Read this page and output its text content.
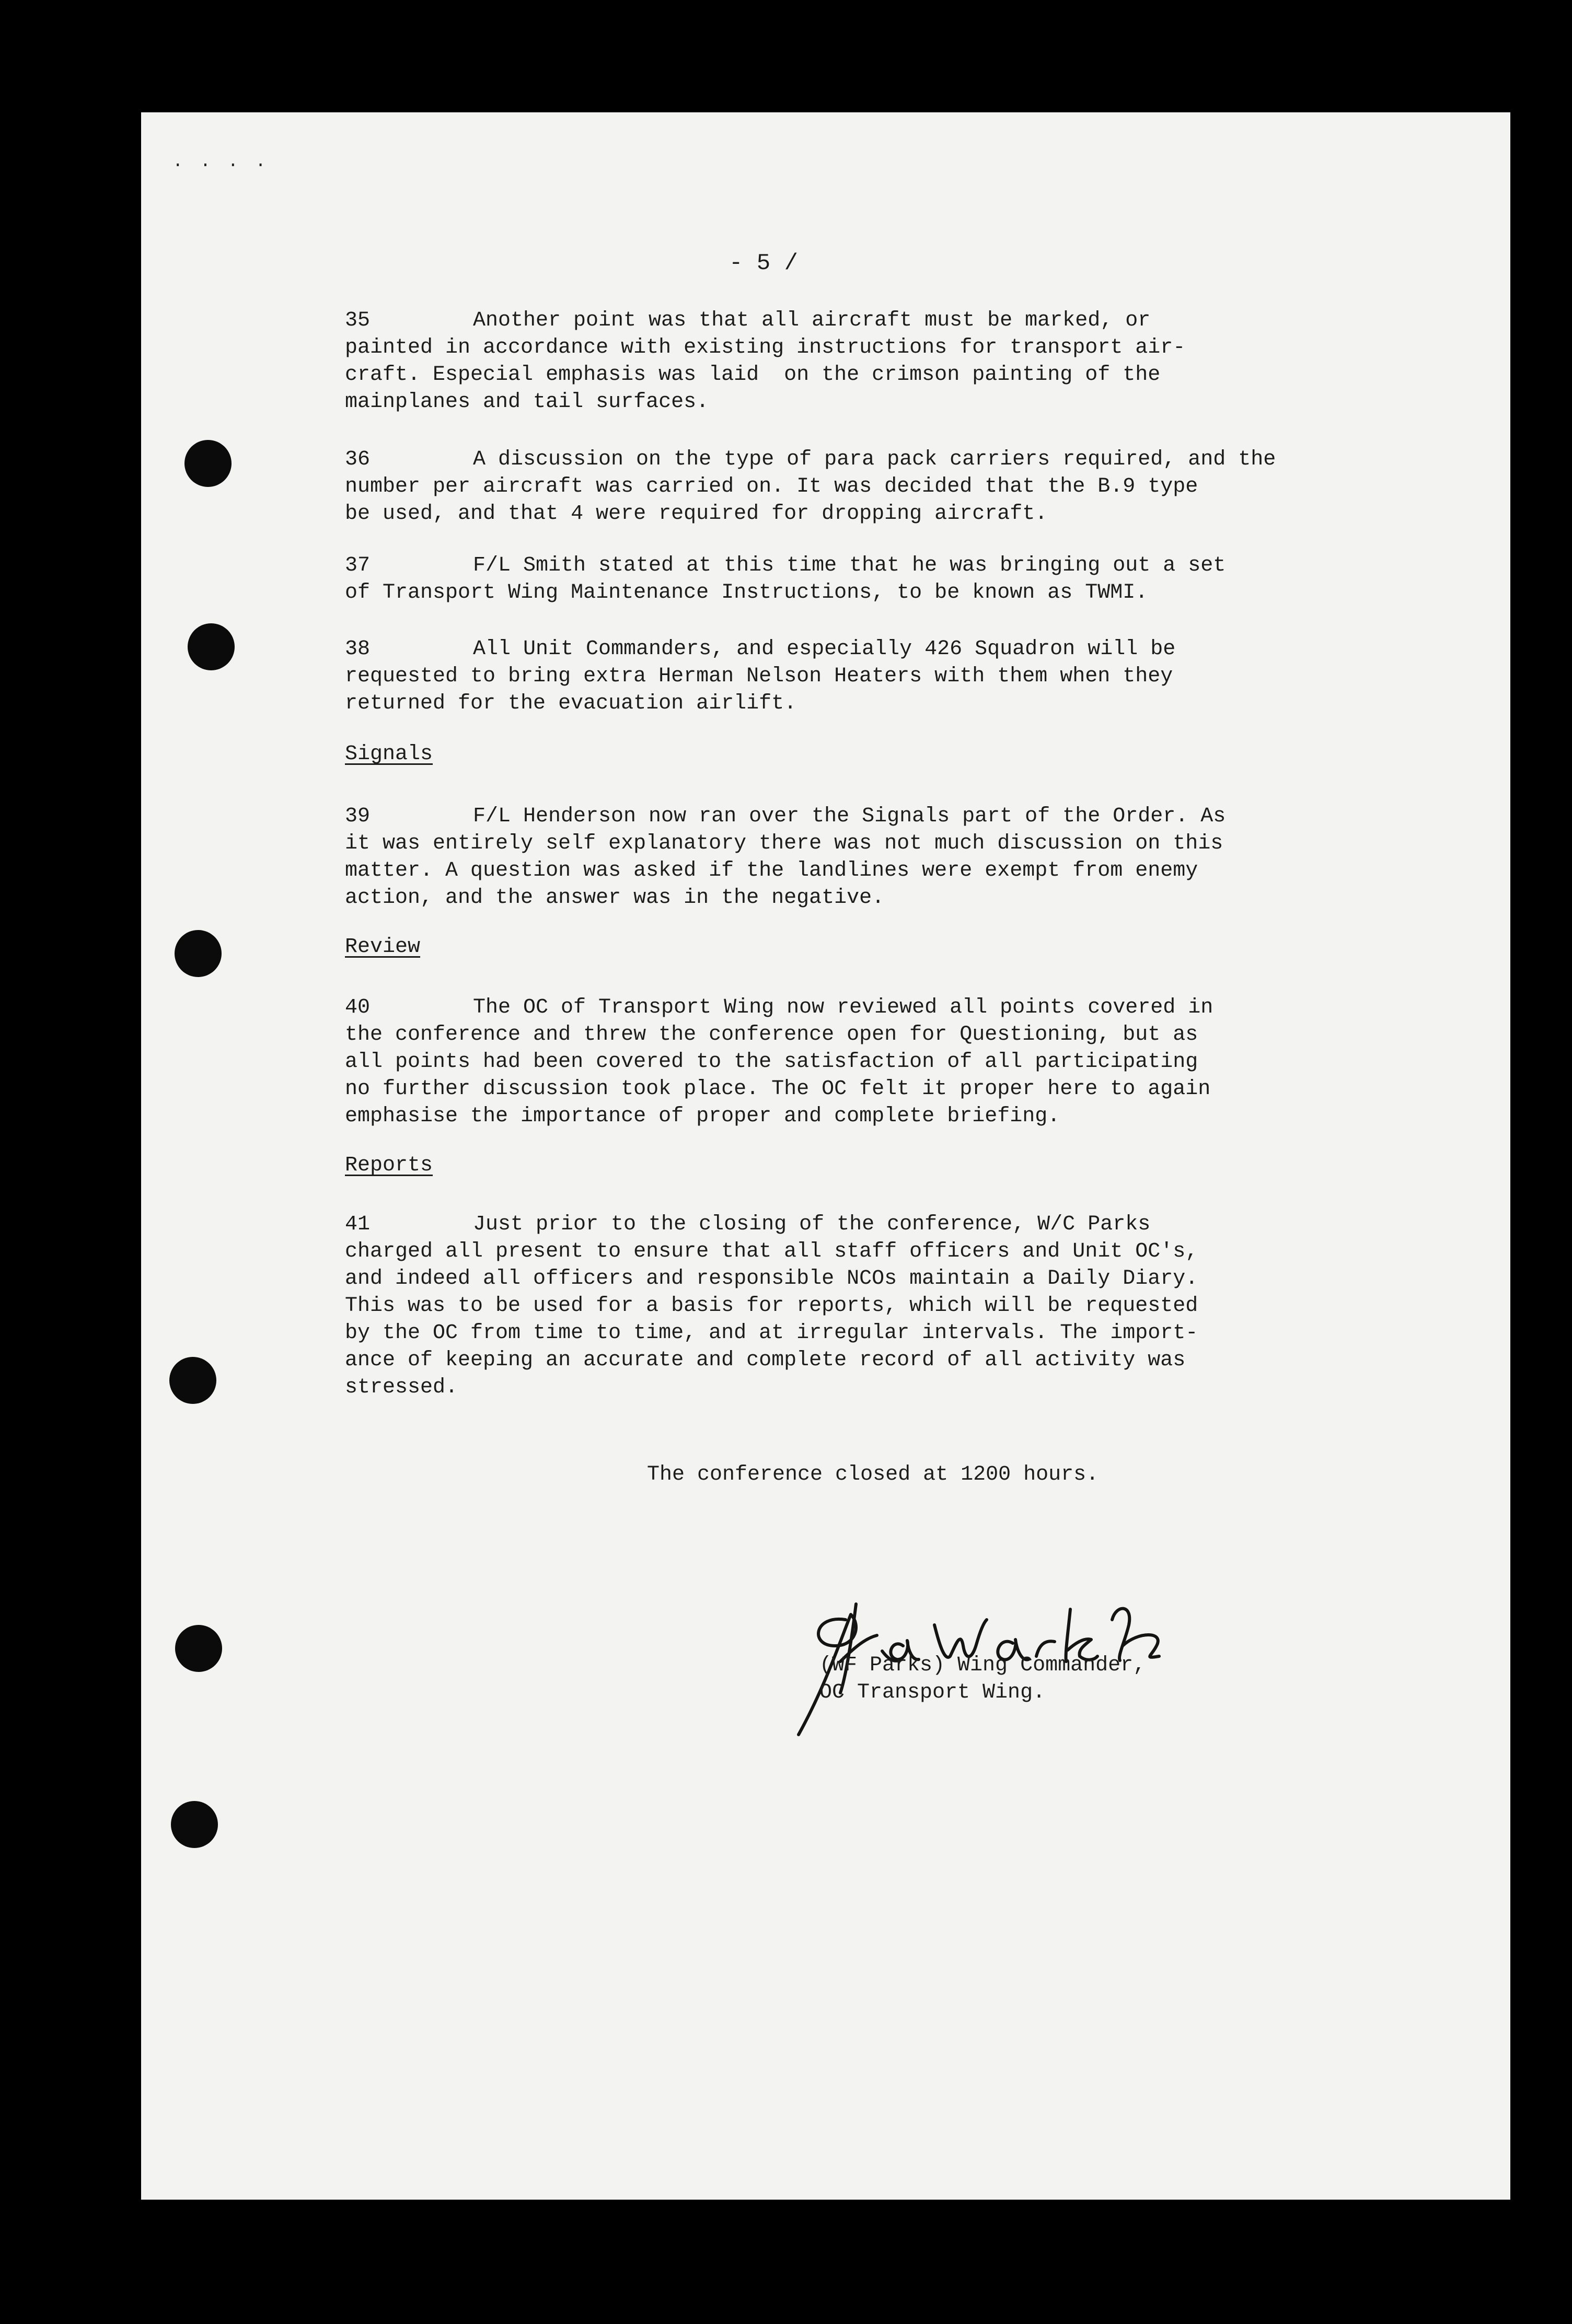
· · · ·
- 5 /
35	Another point was that all aircraft must be marked, or
painted in accordance with existing instructions for transport air-
craft. Especial emphasis was laid  on the crimson painting of the
mainplanes and tail surfaces.
36	A discussion on the type of para pack carriers required, and the
number per aircraft was carried on. It was decided that the B.9 type
be used, and that 4 were required for dropping aircraft.
37	F/L Smith stated at this time that he was bringing out a set
of Transport Wing Maintenance Instructions, to be known as TWMI.
38	All Unit Commanders, and especially 426 Squadron will be
requested to bring extra Herman Nelson Heaters with them when they
returned for the evacuation airlift.
Signals
39	F/L Henderson now ran over the Signals part of the Order. As
it was entirely self explanatory there was not much discussion on this
matter. A question was asked if the landlines were exempt from enemy
action, and the answer was in the negative.
Review
40	The OC of Transport Wing now reviewed all points covered in
the conference and threw the conference open for Questioning, but as
all points had been covered to the satisfaction of all participating
no further discussion took place. The OC felt it proper here to again
emphasise the importance of proper and complete briefing.
Reports
41	Just prior to the closing of the conference, W/C Parks
charged all present to ensure that all staff officers and Unit OC's,
and indeed all officers and responsible NCOs maintain a Daily Diary.
This was to be used for a basis for reports, which will be requested
by the OC from time to time, and at irregular intervals. The import-
ance of keeping an accurate and complete record of all activity was
stressed.
The conference closed at 1200 hours.
(WF Parks) Wing Commander,
OC Transport Wing.
